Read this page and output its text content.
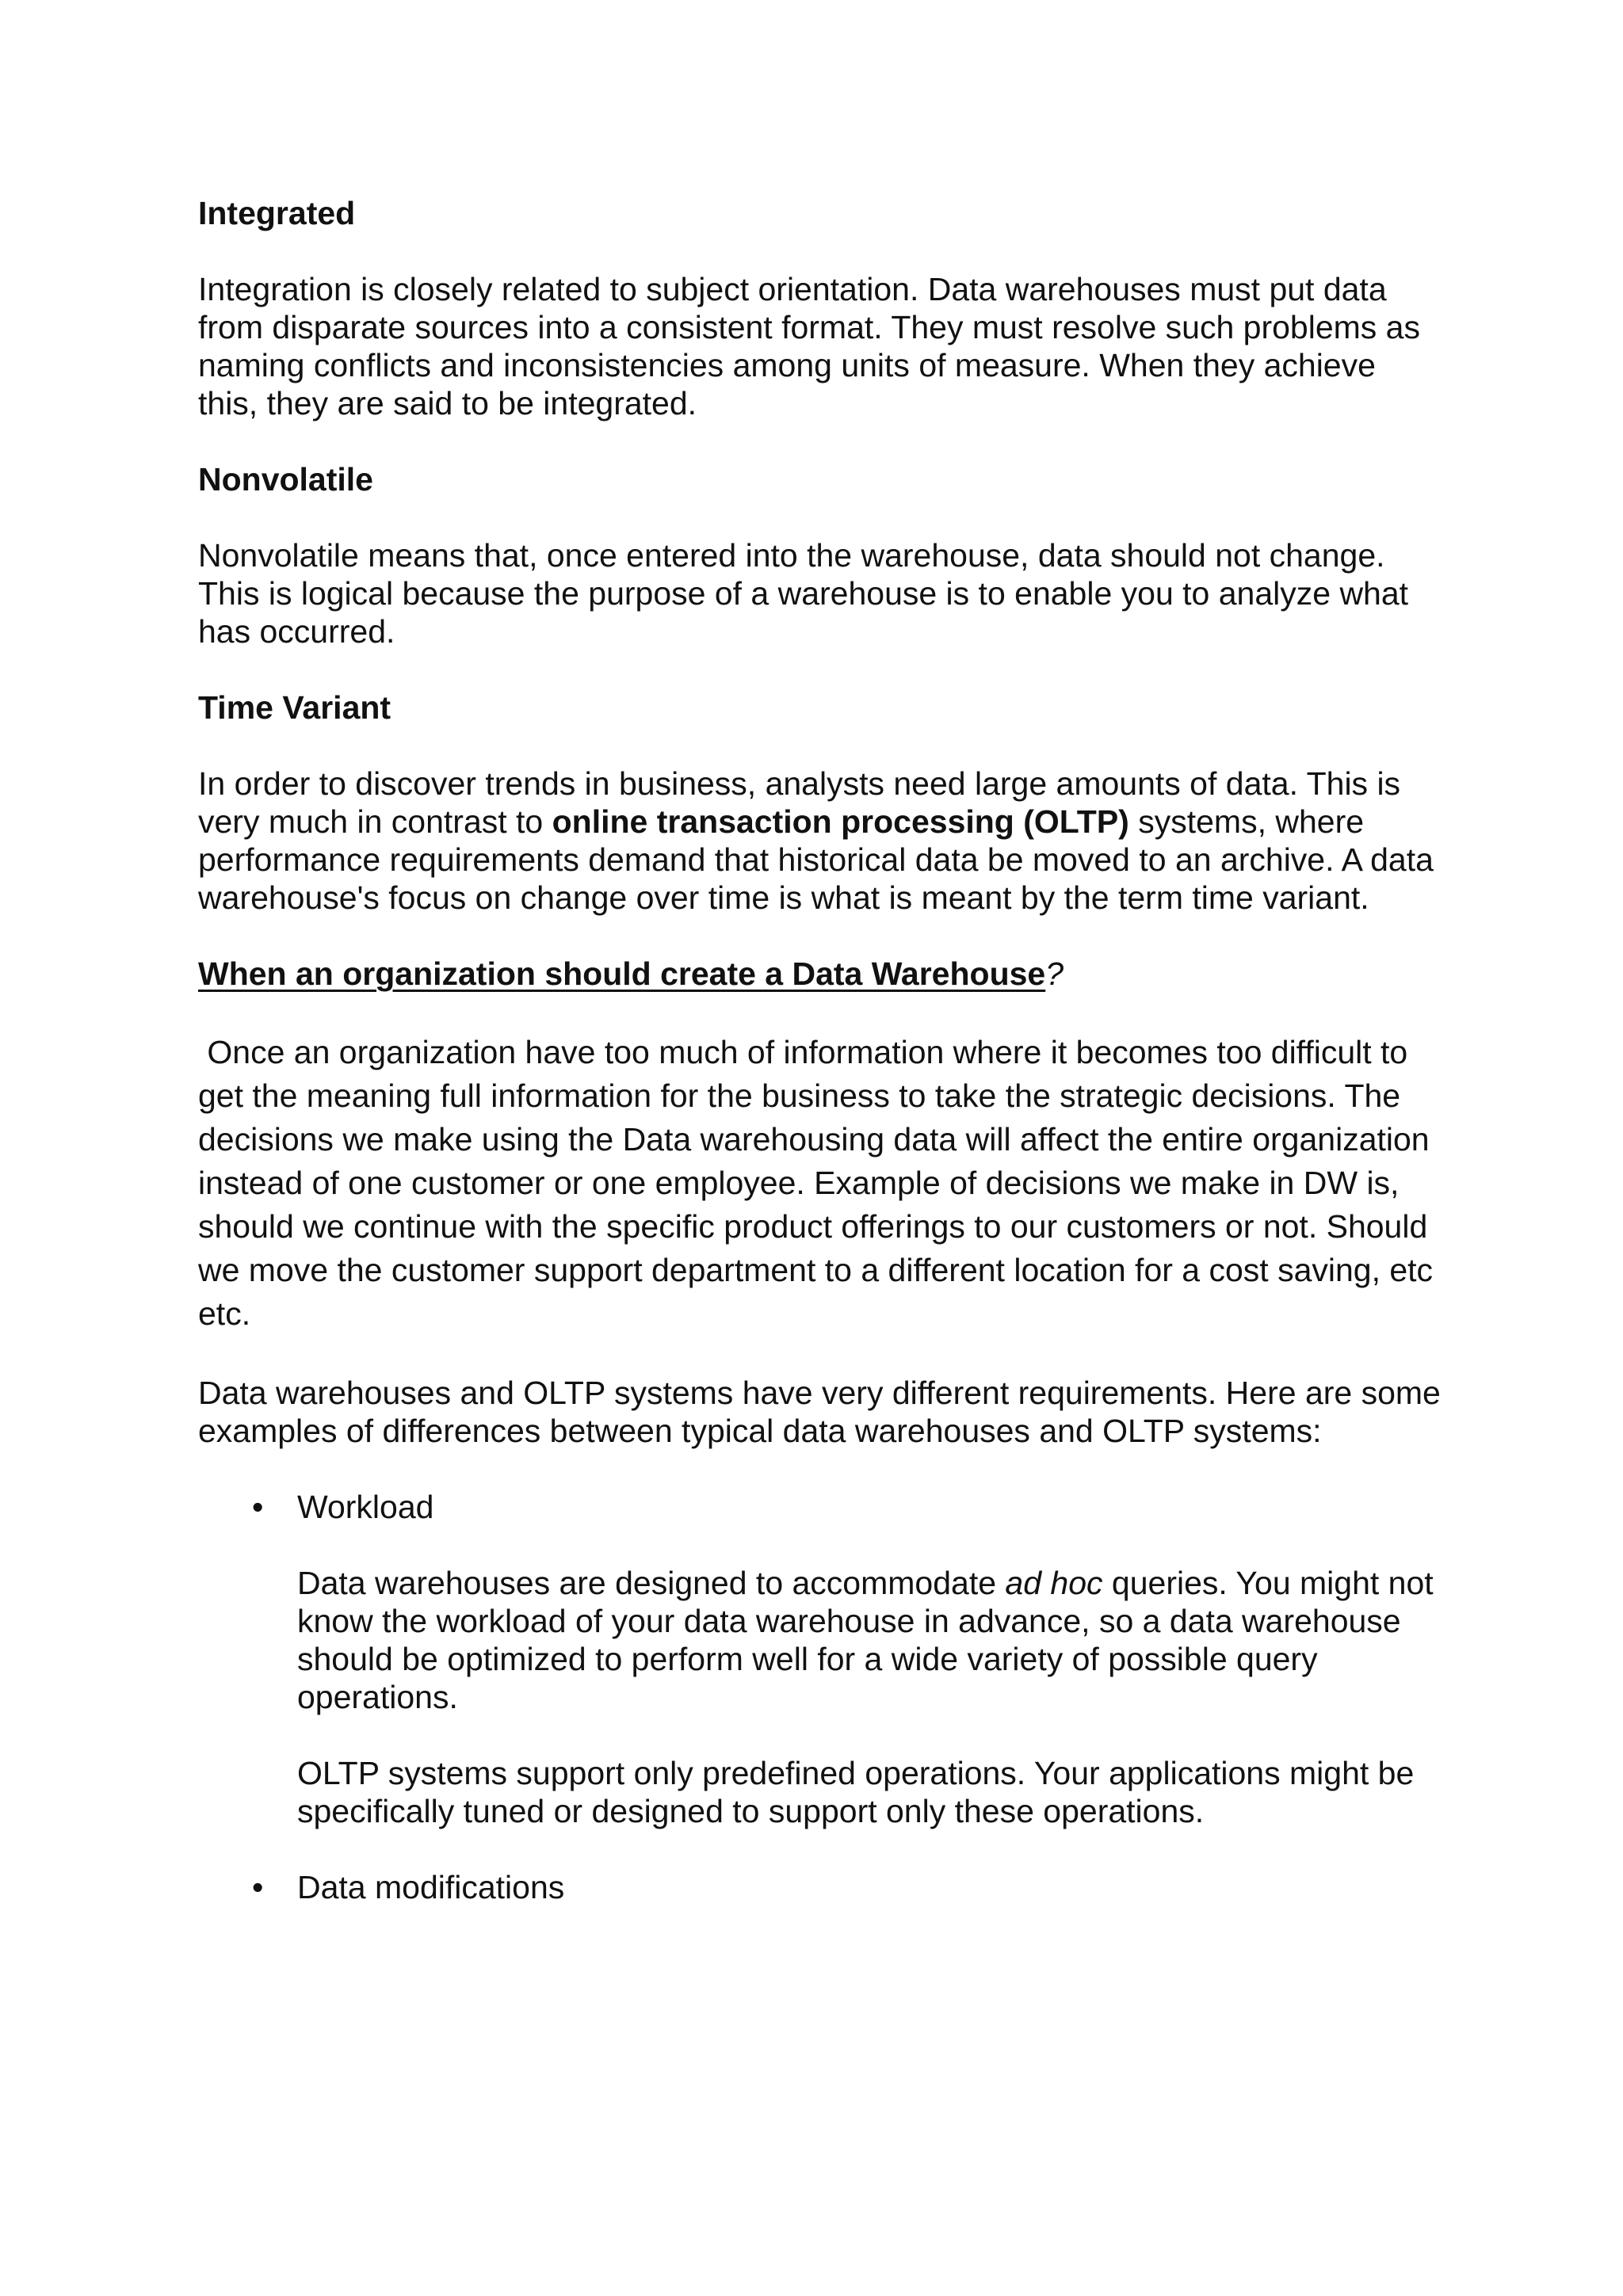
Integrated

Integration is closely related to subject orientation. Data warehouses must put data from disparate sources into a consistent format. They must resolve such problems as naming conflicts and inconsistencies among units of measure. When they achieve this, they are said to be integrated.

Nonvolatile

Nonvolatile means that, once entered into the warehouse, data should not change. This is logical because the purpose of a warehouse is to enable you to analyze what has occurred.

Time Variant

In order to discover trends in business, analysts need large amounts of data. This is very much in contrast to online transaction processing (OLTP) systems, where performance requirements demand that historical data be moved to an archive. A data warehouse's focus on change over time is what is meant by the term time variant.

When an organization should create a Data Warehouse?

Once an organization have too much of information where it becomes too difficult to get the meaning full information for the business to take the strategic decisions. The decisions we make using the Data warehousing data will affect the entire organization instead of one customer or one employee. Example of decisions we make in DW is, should we continue with the specific product offerings to our customers or not. Should we move the customer support department to a different location for a cost saving, etc etc.

Data warehouses and OLTP systems have very different requirements. Here are some examples of differences between typical data warehouses and OLTP systems:

• Workload

Data warehouses are designed to accommodate ad hoc queries. You might not know the workload of your data warehouse in advance, so a data warehouse should be optimized to perform well for a wide variety of possible query operations.

OLTP systems support only predefined operations. Your applications might be specifically tuned or designed to support only these operations.

• Data modifications
